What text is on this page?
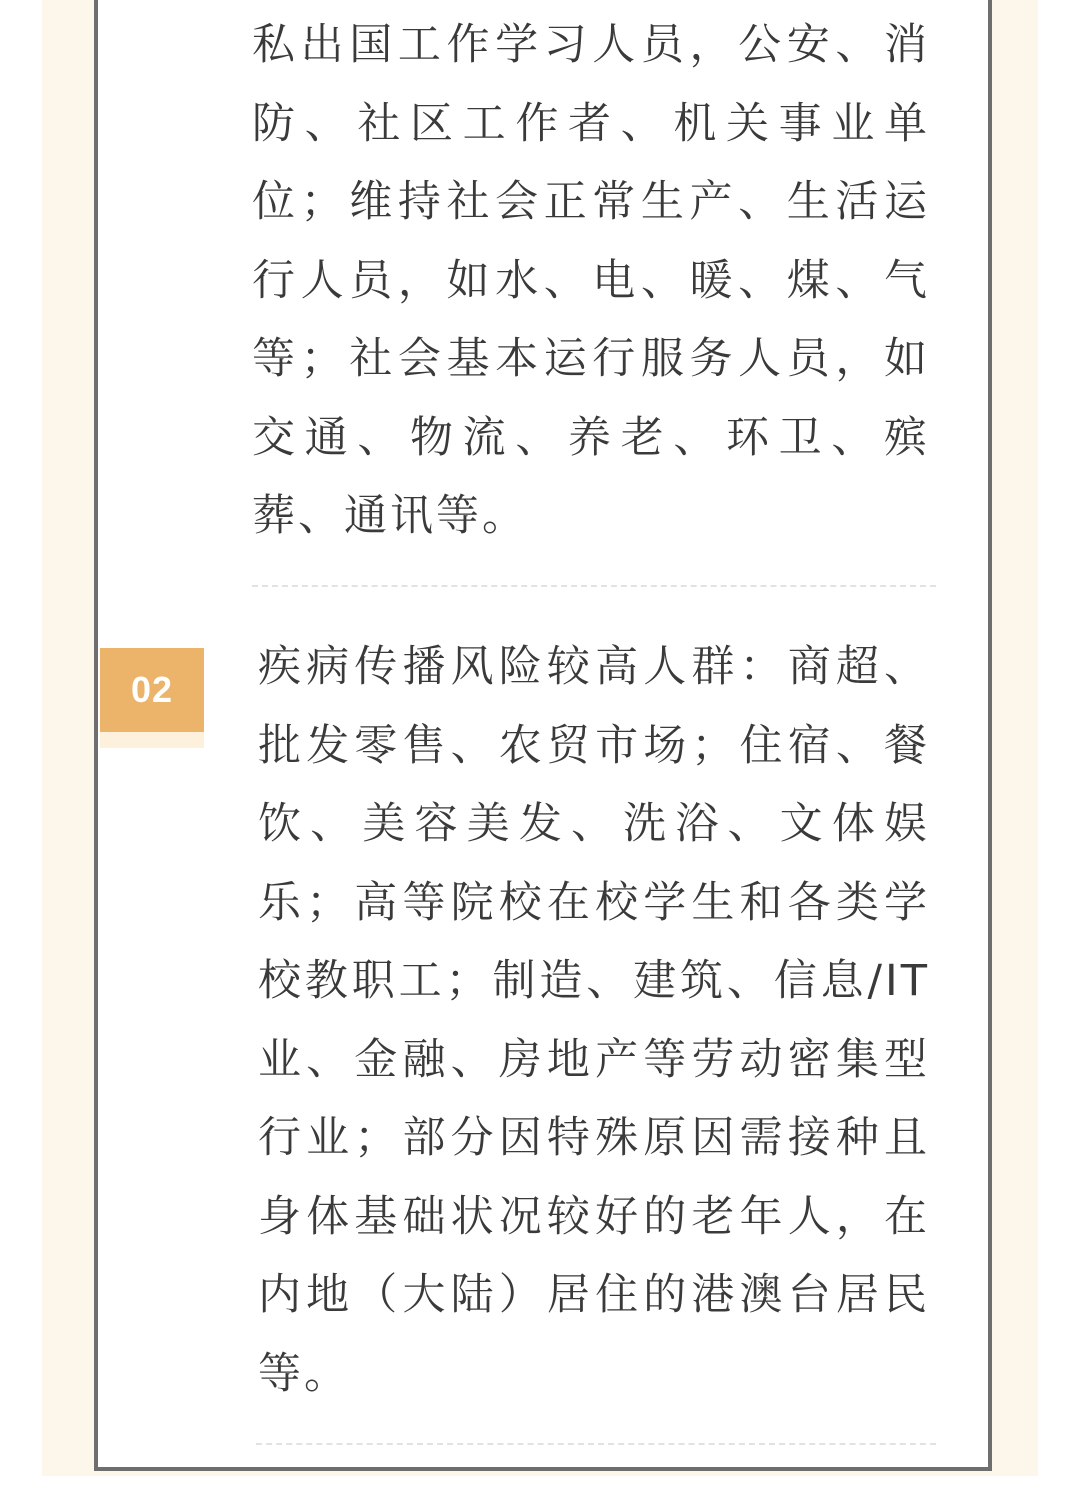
私出国工作学习人员，公安、消防、社区工作者、机关事业单位；维持社会正常生产、生活运行人员，如水、电、暖、煤、气等；社会基本运行服务人员，如交通、物流、养老、环卫、殡葬、通讯等。

02	疾病传播风险较高人群：商超、批发零售、农贸市场；住宿、餐饮、美容美发、洗浴、文体娱乐；高等院校在校学生和各类学校教职工；制造、建筑、信息/IT业、金融、房地产等劳动密集型行业；部分因特殊原因需接种且身体基础状况较好的老年人，在内地（大陆）居住的港澳台居民等。
